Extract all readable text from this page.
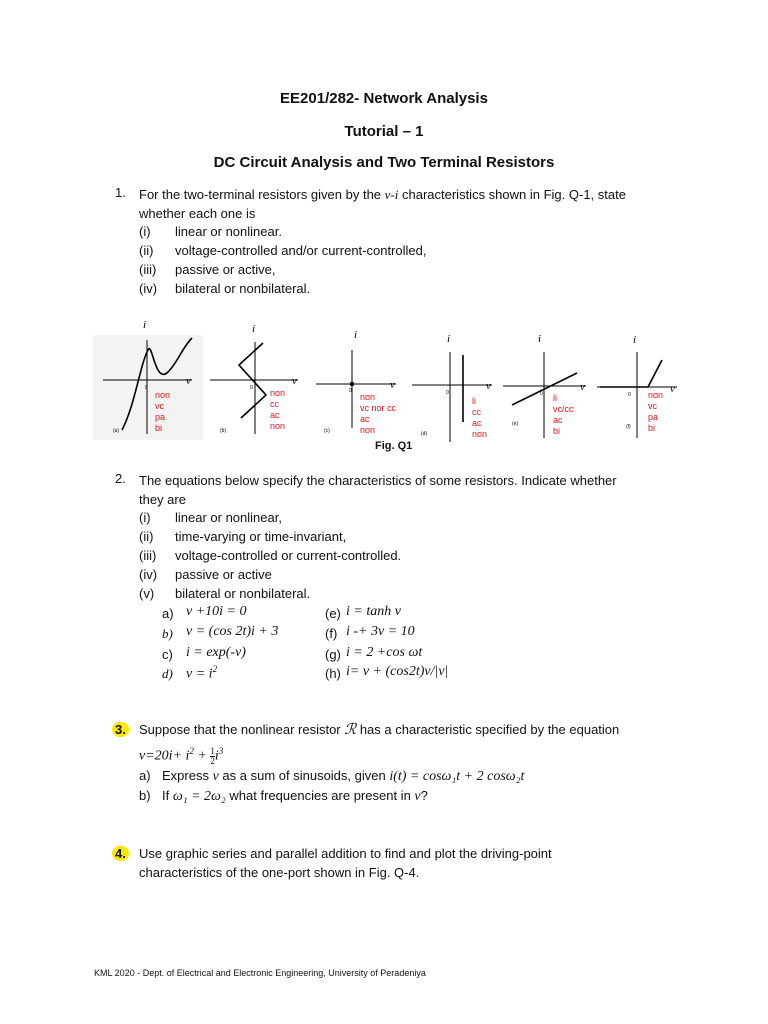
EE201/282- Network Analysis
Tutorial – 1
DC Circuit Analysis and Two Terminal Resistors
1.	For the two-terminal resistors given by the v-i characteristics shown in Fig. Q-1, state
whether each one is
(i) linear or nonlinear.
(ii) voltage-controlled and/or current-controlled,
(iii) passive or active,
(iv) bilateral or nonbilateral.
i
v
0
(a)
i
v
0
(b)
i
v
0
(c)
i
v
0
(d)
i
v
0
(e)
i
v
0
(f)
non
vc
pa
bi
non
cc
ac
non
non
vc nor cc
ac
non
li
cc
ac
non
li
vc/cc
ac
bi
non
vc
pa
bi
Fig. Q1
2.	The equations below specify the characteristics of some resistors. Indicate whether
they are
(i) linear or nonlinear,
(ii) time-varying or time-invariant,
(iii) voltage-controlled or current-controlled.
(iv) passive or active
(v) bilateral or nonbilateral.
a) v +10i = 0
b) v = (cos 2t)i + 3
c) i = exp(-v)
d) $v = i^2$
(e) i = tanh v
(f) i -+ 3v = 10
(g) i = 2 +cos ωt
(h) i= v + (cos2t)v/|v|
3. Suppose that the nonlinear resistor ℛ has a characteristic specified by the equation
$v=20i+ i^2 + \frac{1}{2} i^3$
a) Express v as a sum of sinusoids, given i(t) = cosω₁t + 2 cosω₂t
b) If ω₁ = 2ω₂ what frequencies are present in v?
4. Use graphic series and parallel addition to find and plot the driving-point
characteristics of the one-port shown in Fig. Q-4.
KML 2020 - Dept. of Electrical and Electronic Engineering, University of Peradeniya
